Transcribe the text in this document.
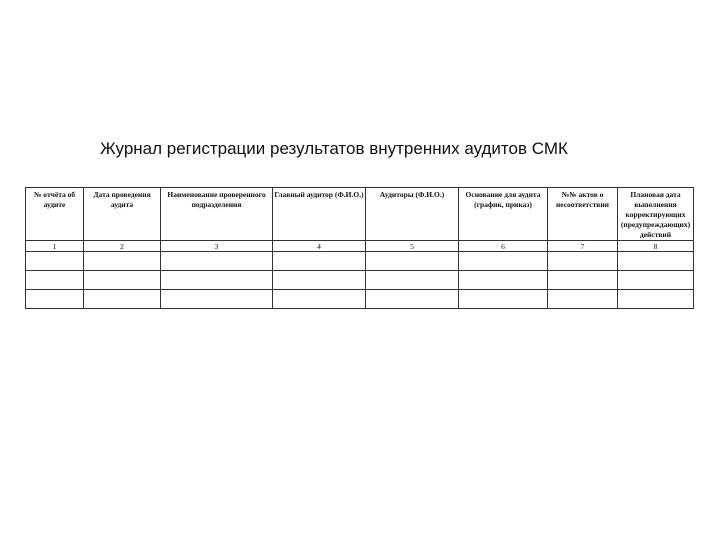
Журнал регистрации результатов внутренних аудитов СМК
№ отчёта об аудите	Дата проведения аудита	Наименование проверенного подразделения	Главный аудитор (Ф.И.О.)	Аудиторы (Ф.И.О.)	Основание для аудита (график, приказ)	№№ актов о несоответствии	Плановая дата выполнения корректирующих (предупреждающих) действий
1	2	3	4	5	6	7	8
